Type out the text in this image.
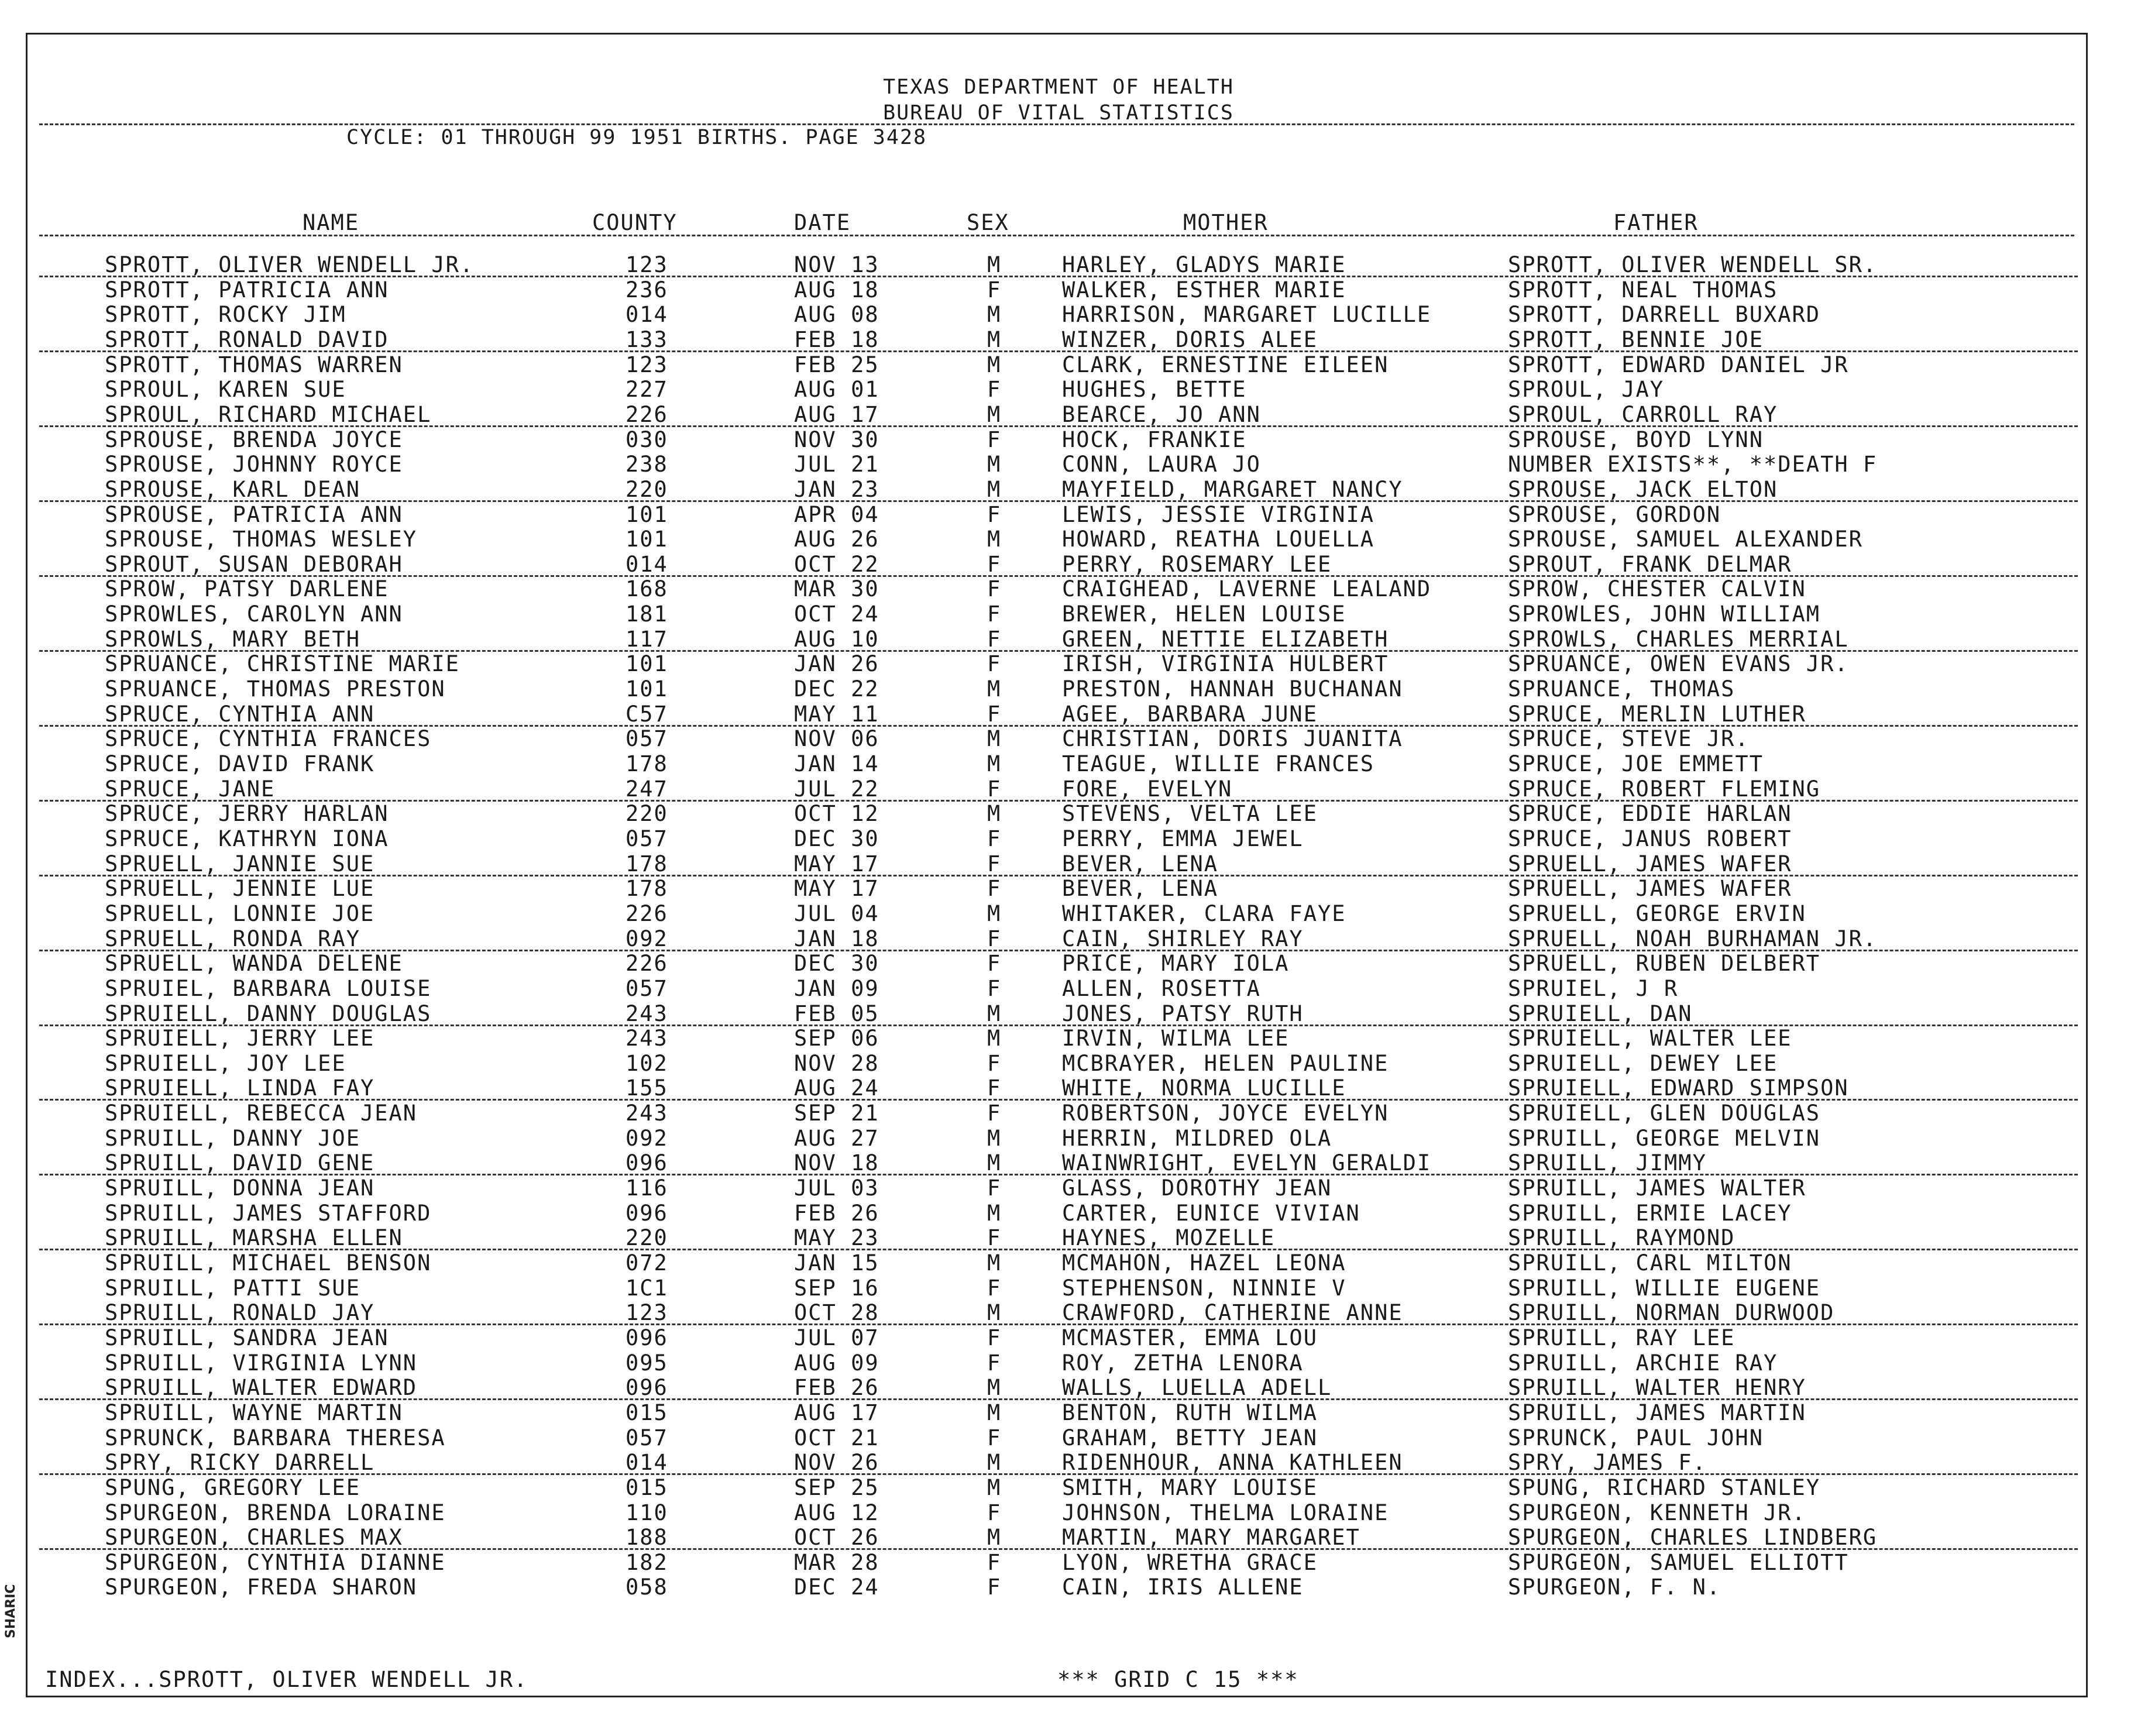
SHARIC
TEXAS DEPARTMENT OF HEALTH
BUREAU OF VITAL STATISTICS
CYCLE: 01 THROUGH 99 1951 BIRTHS. PAGE 3428
NAME	COUNTY	DATE	SEX	MOTHER	FATHER
SPROTT, OLIVER WENDELL JR.	123	NOV 13	M	HARLEY, GLADYS MARIE	SPROTT, OLIVER WENDELL SR.
SPROTT, PATRICIA ANN	236	AUG 18	F	WALKER, ESTHER MARIE	SPROTT, NEAL THOMAS
SPROTT, ROCKY JIM	014	AUG 08	M	HARRISON, MARGARET LUCILLE	SPROTT, DARRELL BUXARD
SPROTT, RONALD DAVID	133	FEB 18	M	WINZER, DORIS ALEE	SPROTT, BENNIE JOE
SPROTT, THOMAS WARREN	123	FEB 25	M	CLARK, ERNESTINE EILEEN	SPROTT, EDWARD DANIEL JR
SPROUL, KAREN SUE	227	AUG 01	F	HUGHES, BETTE	SPROUL, JAY
SPROUL, RICHARD MICHAEL	226	AUG 17	M	BEARCE, JO ANN	SPROUL, CARROLL RAY
SPROUSE, BRENDA JOYCE	030	NOV 30	F	HOCK, FRANKIE	SPROUSE, BOYD LYNN
SPROUSE, JOHNNY ROYCE	238	JUL 21	M	CONN, LAURA JO	NUMBER EXISTS**, **DEATH F
SPROUSE, KARL DEAN	220	JAN 23	M	MAYFIELD, MARGARET NANCY	SPROUSE, JACK ELTON
SPROUSE, PATRICIA ANN	101	APR 04	F	LEWIS, JESSIE VIRGINIA	SPROUSE, GORDON
SPROUSE, THOMAS WESLEY	101	AUG 26	M	HOWARD, REATHA LOUELLA	SPROUSE, SAMUEL ALEXANDER
SPROUT, SUSAN DEBORAH	014	OCT 22	F	PERRY, ROSEMARY LEE	SPROUT, FRANK DELMAR
SPROW, PATSY DARLENE	168	MAR 30	F	CRAIGHEAD, LAVERNE LEALAND	SPROW, CHESTER CALVIN
SPROWLES, CAROLYN ANN	181	OCT 24	F	BREWER, HELEN LOUISE	SPROWLES, JOHN WILLIAM
SPROWLS, MARY BETH	117	AUG 10	F	GREEN, NETTIE ELIZABETH	SPROWLS, CHARLES MERRIAL
SPRUANCE, CHRISTINE MARIE	101	JAN 26	F	IRISH, VIRGINIA HULBERT	SPRUANCE, OWEN EVANS JR.
SPRUANCE, THOMAS PRESTON	101	DEC 22	M	PRESTON, HANNAH BUCHANAN	SPRUANCE, THOMAS
SPRUCE, CYNTHIA ANN	C57	MAY 11	F	AGEE, BARBARA JUNE	SPRUCE, MERLIN LUTHER
SPRUCE, CYNTHIA FRANCES	057	NOV 06	M	CHRISTIAN, DORIS JUANITA	SPRUCE, STEVE JR.
SPRUCE, DAVID FRANK	178	JAN 14	M	TEAGUE, WILLIE FRANCES	SPRUCE, JOE EMMETT
SPRUCE, JANE	247	JUL 22	F	FORE, EVELYN	SPRUCE, ROBERT FLEMING
SPRUCE, JERRY HARLAN	220	OCT 12	M	STEVENS, VELTA LEE	SPRUCE, EDDIE HARLAN
SPRUCE, KATHRYN IONA	057	DEC 30	F	PERRY, EMMA JEWEL	SPRUCE, JANUS ROBERT
SPRUELL, JANNIE SUE	178	MAY 17	F	BEVER, LENA	SPRUELL, JAMES WAFER
SPRUELL, JENNIE LUE	178	MAY 17	F	BEVER, LENA	SPRUELL, JAMES WAFER
SPRUELL, LONNIE JOE	226	JUL 04	M	WHITAKER, CLARA FAYE	SPRUELL, GEORGE ERVIN
SPRUELL, RONDA RAY	092	JAN 18	F	CAIN, SHIRLEY RAY	SPRUELL, NOAH BURHAMAN JR.
SPRUELL, WANDA DELENE	226	DEC 30	F	PRICE, MARY IOLA	SPRUELL, RUBEN DELBERT
SPRUIEL, BARBARA LOUISE	057	JAN 09	F	ALLEN, ROSETTA	SPRUIEL, J R
SPRUIELL, DANNY DOUGLAS	243	FEB 05	M	JONES, PATSY RUTH	SPRUIELL, DAN
SPRUIELL, JERRY LEE	243	SEP 06	M	IRVIN, WILMA LEE	SPRUIELL, WALTER LEE
SPRUIELL, JOY LEE	102	NOV 28	F	MCBRAYER, HELEN PAULINE	SPRUIELL, DEWEY LEE
SPRUIELL, LINDA FAY	155	AUG 24	F	WHITE, NORMA LUCILLE	SPRUIELL, EDWARD SIMPSON
SPRUIELL, REBECCA JEAN	243	SEP 21	F	ROBERTSON, JOYCE EVELYN	SPRUIELL, GLEN DOUGLAS
SPRUILL, DANNY JOE	092	AUG 27	M	HERRIN, MILDRED OLA	SPRUILL, GEORGE MELVIN
SPRUILL, DAVID GENE	096	NOV 18	M	WAINWRIGHT, EVELYN GERALDI	SPRUILL, JIMMY
SPRUILL, DONNA JEAN	116	JUL 03	F	GLASS, DOROTHY JEAN	SPRUILL, JAMES WALTER
SPRUILL, JAMES STAFFORD	096	FEB 26	M	CARTER, EUNICE VIVIAN	SPRUILL, ERMIE LACEY
SPRUILL, MARSHA ELLEN	220	MAY 23	F	HAYNES, MOZELLE	SPRUILL, RAYMOND
SPRUILL, MICHAEL BENSON	072	JAN 15	M	MCMAHON, HAZEL LEONA	SPRUILL, CARL MILTON
SPRUILL, PATTI SUE	1C1	SEP 16	F	STEPHENSON, NINNIE V	SPRUILL, WILLIE EUGENE
SPRUILL, RONALD JAY	123	OCT 28	M	CRAWFORD, CATHERINE ANNE	SPRUILL, NORMAN DURWOOD
SPRUILL, SANDRA JEAN	096	JUL 07	F	MCMASTER, EMMA LOU	SPRUILL, RAY LEE
SPRUILL, VIRGINIA LYNN	095	AUG 09	F	ROY, ZETHA LENORA	SPRUILL, ARCHIE RAY
SPRUILL, WALTER EDWARD	096	FEB 26	M	WALLS, LUELLA ADELL	SPRUILL, WALTER HENRY
SPRUILL, WAYNE MARTIN	015	AUG 17	M	BENTON, RUTH WILMA	SPRUILL, JAMES MARTIN
SPRUNCK, BARBARA THERESA	057	OCT 21	F	GRAHAM, BETTY JEAN	SPRUNCK, PAUL JOHN
SPRY, RICKY DARRELL	014	NOV 26	M	RIDENHOUR, ANNA KATHLEEN	SPRY, JAMES F.
SPUNG, GREGORY LEE	015	SEP 25	M	SMITH, MARY LOUISE	SPUNG, RICHARD STANLEY
SPURGEON, BRENDA LORAINE	110	AUG 12	F	JOHNSON, THELMA LORAINE	SPURGEON, KENNETH JR.
SPURGEON, CHARLES MAX	188	OCT 26	M	MARTIN, MARY MARGARET	SPURGEON, CHARLES LINDBERG
SPURGEON, CYNTHIA DIANNE	182	MAR 28	F	LYON, WRETHA GRACE	SPURGEON, SAMUEL ELLIOTT
SPURGEON, FREDA SHARON	058	DEC 24	F	CAIN, IRIS ALLENE	SPURGEON, F. N.
INDEX...SPROTT, OLIVER WENDELL JR.	*** GRID C 15 ***
